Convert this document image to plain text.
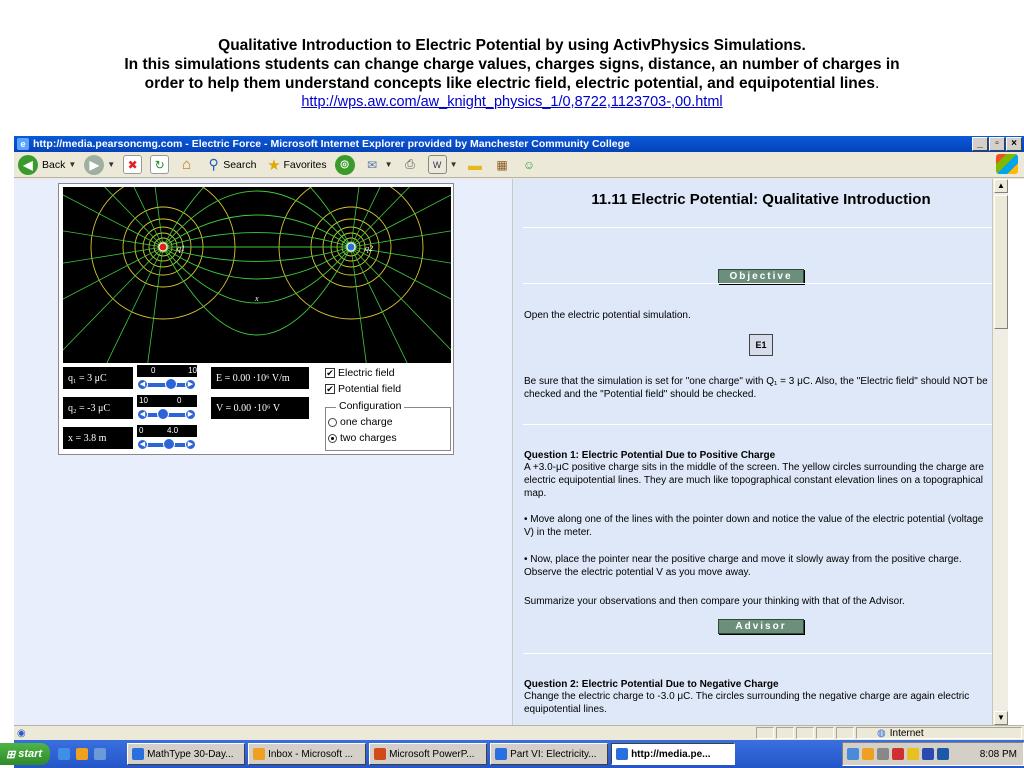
Qualitative Introduction to Electric Potential by using ActivPhysics Simulations.
In this simulations students can change charge values, charges signs, distance, an number of charges in
order to help them understand concepts like electric field, electric potential, and equipotential lines.
http://wps.aw.com/aw_knight_physics_1/0,8722,1123703-,00.html
e http://media.pearsoncmg.com - Electric Force - Microsoft Internet Explorer provided by Manchester Community College	_	▫	×
◀ Back ▼	▶	▼	✖	↻	⌂	⚲ Search ★ Favorites	◎	✉ ▼	⎙	W	▼ ▬	▦	☺
q1	q2
x
q₁ = 3 μC
0	10
◀	▶
E = 0.00 ·10⁶ V/m
q₂ = -3 μC
10	0
◀	▶
V = 0.00 ·10⁶ V
x = 3.8 m
0	4.0
◀	▶
✔ Electric field
✔ Potential field
Configuration
one charge
two charges
11.11 Electric Potential: Qualitative Introduction
Objective
Open the electric potential simulation.
E1
Be sure that the simulation is set for "one charge" with Q₁ = 3 μC. Also, the "Electric field" should NOT be checked and the "Potential field" should be checked.
Question 1: Electric Potential Due to Positive Charge
A +3.0-μC positive charge sits in the middle of the screen. The yellow circles surrounding the charge are electric equipotential lines. They are much like topographical constant elevation lines on a topographical map.
• Move along one of the lines with the pointer down and notice the value of the electric potential (voltage V) in the meter.
• Now, place the pointer near the positive charge and move it slowly away from the positive charge. Observe the electric potential V as you move away.
Summarize your observations and then compare your thinking with that of the Advisor.
Advisor
Question 2: Electric Potential Due to Negative Charge
Change the electric charge to -3.0 μC. The circles surrounding the negative charge are again electric equipotential lines.
▲
▼
◉	◍ Internet
⊞ start	MathType 30-Day...	Inbox - Microsoft ...	Microsoft PowerP...	Part VI: Electricity...	http://media.pe...	8:08 PM
